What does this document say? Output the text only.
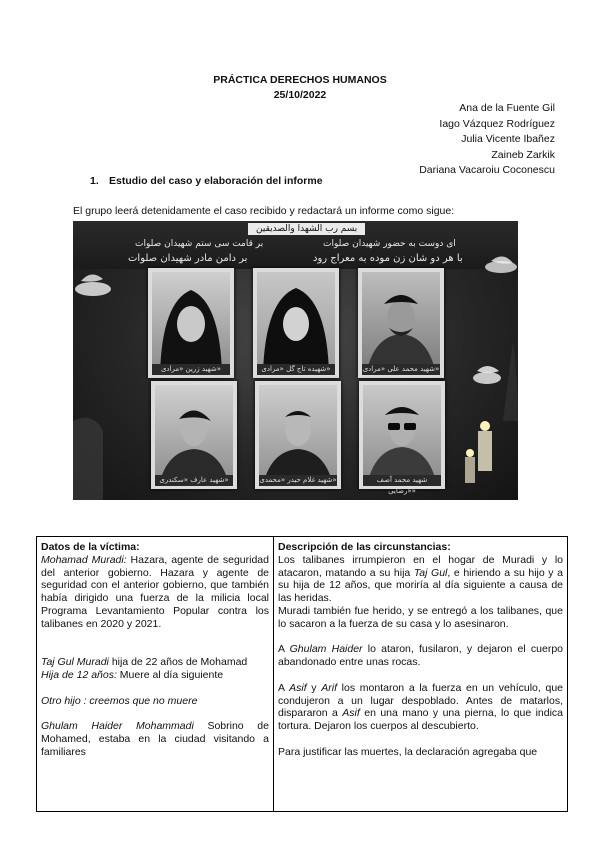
PRÁCTICA DERECHOS HUMANOS
25/10/2022
Ana de la Fuente Gil
Iago Vázquez Rodríguez
Julia Vicente Ibañez
Zaineb Zarkik
Dariana Vacaroiu Coconescu
1. Estudio del caso y elaboración del informe
El grupo leerá detenidamente el caso recibido y redactará un informe como sigue:
بسم رب الشهدا والصدیقین
ای دوست به حضور شهیدان صلوات
با هر دو شان زن موده به معراج رود
بر قامت سی ستم شهیدان صلوات
بر دامن مادر شهیدان صلوات
شهید زرین «مرادی»	شهیده تاج گل «مرادی»	شهید محمد علی «مرادی»
شهید عارف «سکندری»	شهید غلام حیدر «محمدی»	شهید محمد آصف «رضایی»
Datos de la víctima:
Mohamad Muradi: Hazara, agente de seguridad del anterior gobierno. Hazara y agente de seguridad con el anterior gobierno, que también había dirigido una fuerza de la milicia local Programa Levantamiento Popular contra los talibanes en 2020 y 2021.
Taj Gul Muradi hija de 22 años de Mohamad
Hija de 12 años: Muere al día siguiente
Otro hijo : creemos que no muere
Ghulam Haider Mohammadi Sobrino de Mohamed, estaba en la ciudad visitando a familiares

Descripción de las circunstancias:
Los talibanes irrumpieron en el hogar de Muradi y lo atacaron, matando a su hija Taj Gul, e hiriendo a su hijo y a su hija de 12 años, que moriría al día siguiente a causa de las heridas.
Muradi también fue herido, y se entregó a los talibanes, que lo sacaron a la fuerza de su casa y lo asesinaron.
A Ghulam Haider lo ataron, fusilaron, y dejaron el cuerpo abandonado entre unas rocas.
A Asif y Arif los montaron a la fuerza en un vehículo, que condujeron a un lugar despoblado. Antes de matarlos, dispararon a Asif en una mano y una pierna, lo que indica tortura. Dejaron los cuerpos al descubierto.
Para justificar las muertes, la declaración agregaba que
